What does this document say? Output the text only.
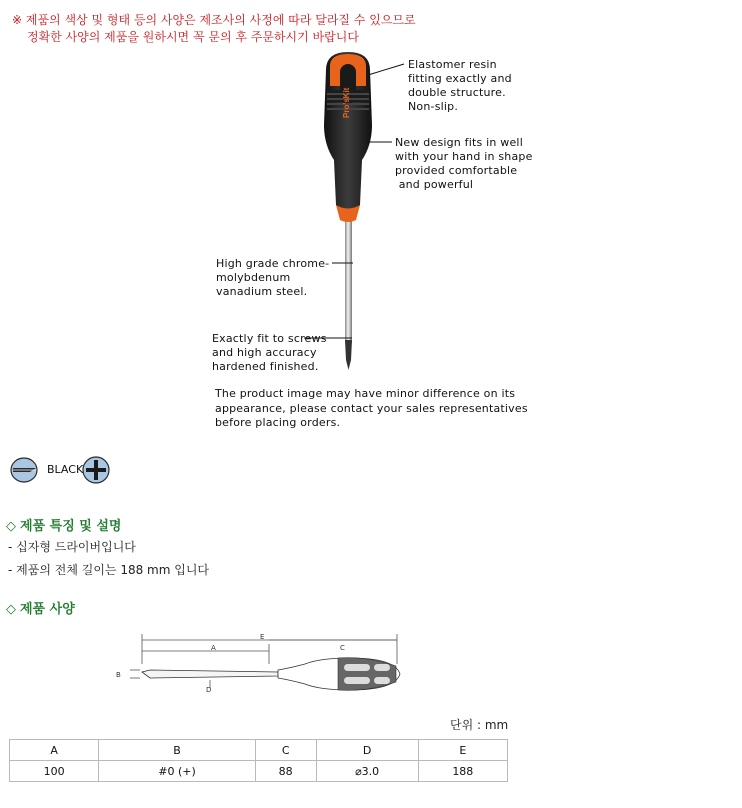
※ 제품의 색상 및 형태 등의 사양은 제조사의 사정에 따라 달라질 수 있으므로
정확한 사양의 제품을 원하시면 꼭 문의 후 주문하시기 바랍니다
Pro'sKit
Elastomer resin
fitting exactly and
double structure.
Non-slip.
New design fits in well
with your hand in shape
provided comfortable
and powerful
High grade chrome-
molybdenum
vanadium steel.
Exactly fit to screws
and high accuracy
hardened finished.
The product image may have minor difference on its
appearance, please contact your sales representatives
before placing orders.
BLACK
◇ 제품 특징 및 설명
- 십자형 드라이버입니다
- 제품의 전체 길이는 188 mm 입니다
◇ 제품 사양
E
A	C
B
D
단위 : mm
A	B	C	D	E
100	#0 (+)	88	⌀3.0	188
